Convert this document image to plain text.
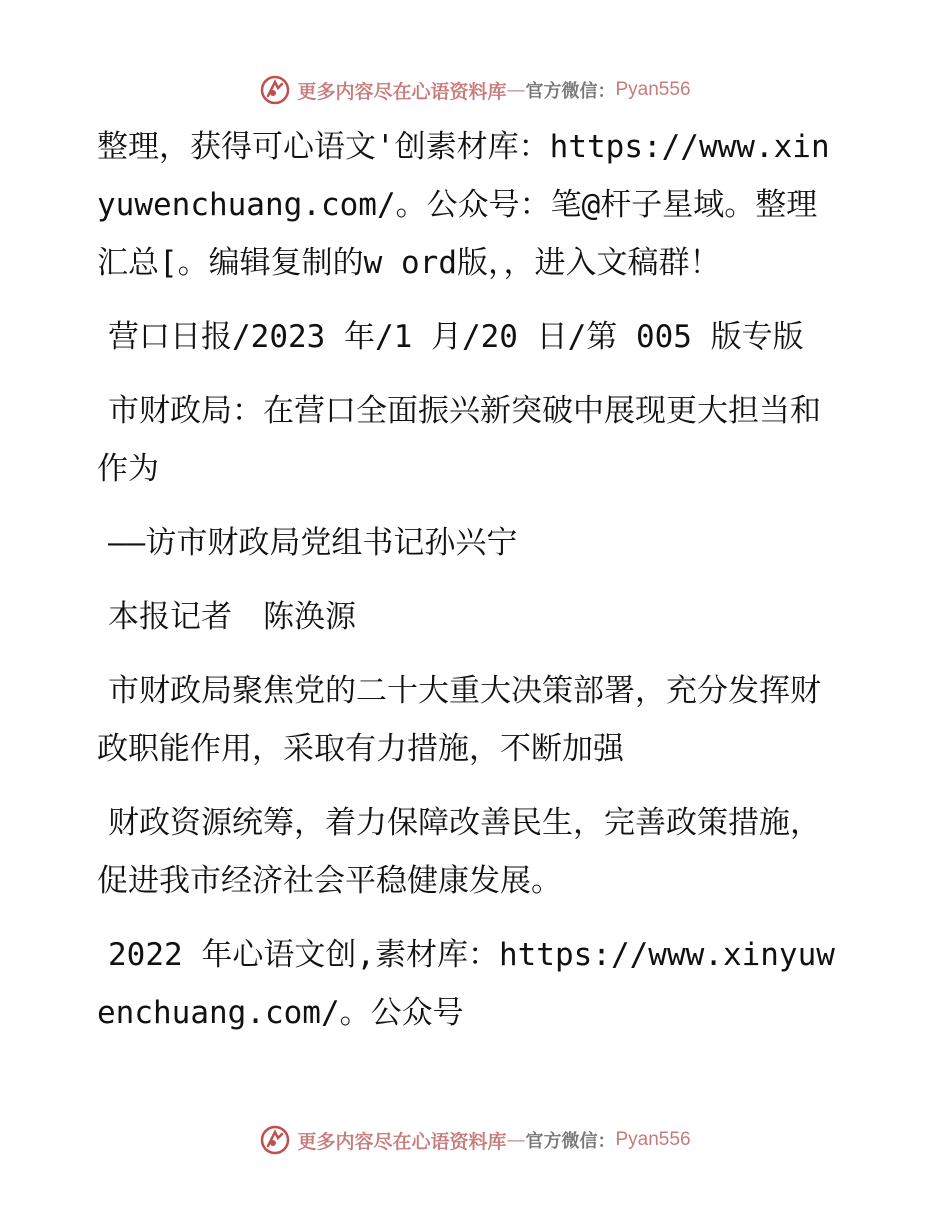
更多内容尽在心语资料库 — 官方微信： Pyan556

整理，获得可心语文'创素材库：https://www.xinyuwenchuang.com/。公众号：笔@杆子星域。整理汇总[。编辑复制的w ord版，，进入文稿群！

营口日报/2023 年/1 月/20 日/第 005 版专版

市财政局：在营口全面振兴新突破中展现更大担当和作为

——访市财政局党组书记孙兴宁

本报记者　陈涣源

市财政局聚焦党的二十大重大决策部署，充分发挥财政职能作用，采取有力措施，不断加强

财政资源统筹，着力保障改善民生，完善政策措施，促进我市经济社会平稳健康发展。

2022 年心语文创,素材库：https://www.xinyuwenchuang.com/。公众号

更多内容尽在心语资料库 — 官方微信： Pyan556
